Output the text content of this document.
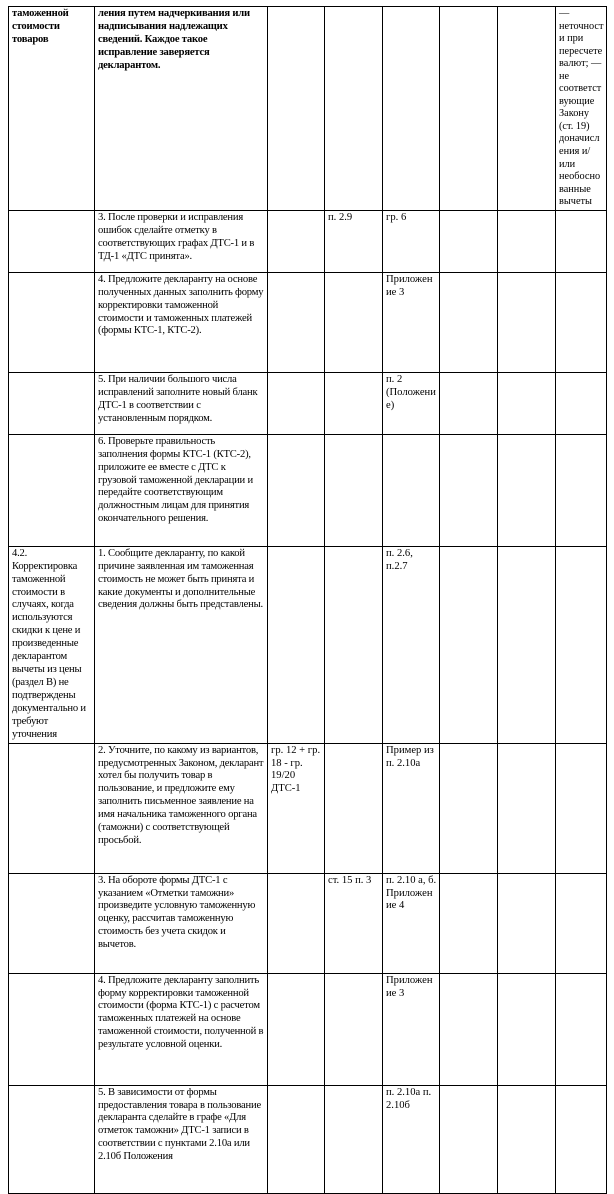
таможенной стоимости товаров	ления путем надчеркивания или надписывания надлежащих сведений. Каждое такое исправление заверяется декларантом.						—неточности при пересчете валют; —не соответствующие Закону (ст. 19) доначисления и/или необоснованные вычеты
	3. После проверки и исправления ошибок сделайте отметку в соответствующих графах ДТС-1 и в ТД-1 «ДТС принята».		п. 2.9	гр. 6			
	4. Предложите декларанту на основе полученных данных заполнить форму корректировки таможенной стоимости и таможенных платежей (формы КТС-1, КТС-2).			Приложение 3			
	5. При наличии большого числа исправлений заполните новый бланк ДТС-1 в соответствии с установленным порядком.			п. 2 (Положение)			
	6. Проверьте правильность заполнения формы КТС-1 (КТС-2), приложите ее вместе с ДТС к грузовой таможенной декларации и передайте соответствующим должностным лицам для принятия окончательного решения.						
4.2. Корректировка таможенной стоимости в случаях, когда используются скидки к цене и произведенные декларантом вычеты из цены (раздел В) не подтверждены документально и требуют уточнения	1. Сообщите декларанту, по какой причине заявленная им таможенная стоимость не может быть принята и какие документы и дополнительные сведения должны быть представлены.			п. 2.6, п.2.7			
	2. Уточните, по какому из вариантов, предусмотренных Законом, декларант хотел бы получить товар в пользование, и предложите ему заполнить письменное заявление на имя начальника таможенного органа (таможни) с соответствующей просьбой.	гр. 12 + гр. 18 - гр. 19/20 ДТС-1		Пример из п. 2.10а			
	3. На обороте формы ДТС-1 с указанием «Отметки таможни» произведите условную таможенную оценку, рассчитав таможенную стоимость без учета скидок и вычетов.		ст. 15 п. 3	п. 2.10 а, б. Приложение 4			
	4. Предложите декларанту заполнить форму корректировки таможенной стоимости (форма КТС-1) с расчетом таможенных платежей на основе таможенной стоимости, полученной в результате условной оценки.			Приложение 3			
	5. В зависимости от формы предоставления товара в пользование декларанта сделайте в графе «Для отметок таможни» ДТС-1 записи в соответствии с пунктами 2.10а или 2.10б Положения			п. 2.10а п. 2.10б			
